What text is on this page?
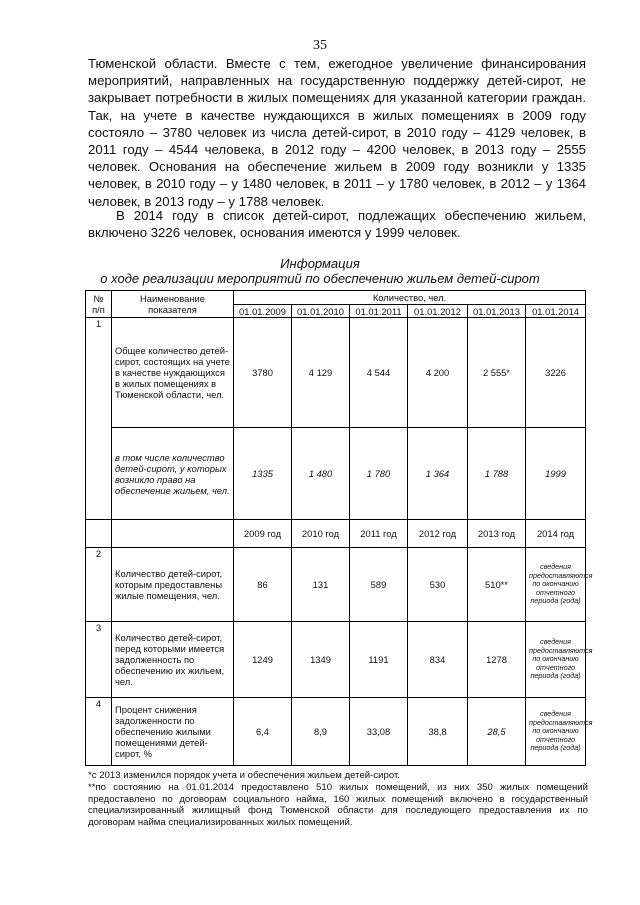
35

Тюменской области. Вместе с тем, ежегодное увеличение финансирования мероприятий, направленных на государственную поддержку детей-сирот, не закрывает потребности в жилых помещениях для указанной категории граждан. Так, на учете в качестве нуждающихся в жилых помещениях в 2009 году состояло – 3780 человек из числа детей-сирот, в 2010 году – 4129 человек, в 2011 году – 4544 человека, в 2012 году – 4200 человек, в 2013 году – 2555 человек. Основания на обеспечение жильем в 2009 году возникли у 1335 человек, в 2010 году – у 1480 человек, в 2011 – у 1780 человек, в 2012 – у 1364 человек, в 2013 году – у 1788 человек.

В 2014 году в список детей-сирот, подлежащих обеспечению жильем, включено 3226 человек, основания имеются у 1999 человек.

Информация
о ходе реализации мероприятий по обеспечению жильем детей-сирот
№ п/п	Наименование показателя	Количество, чел.					
		01.01.2009	01.01.2010	01.01.2011	01.01.2012	01.01.2013	01.01.2014
1	Общее количество детей-сирот, состоящих на учете в качестве нуждающихся в жилых помещениях в Тюменской области, чел.	3780	4 129	4 544	4 200	2 555*	3226
	в том числе количество детей-сирот, у которых возникло право на обеспечение жильем, чел.	1335	1 480	1 780	1 364	1 788	1999
		2009 год	2010 год	2011 год	2012 год	2013 год	2014 год
2	Количество детей-сирот, которым предоставлены жилые помещения, чел.	86	131	589	530	510**	сведения предоставляются по окончанию отчетного периода (года)
3	Количество детей-сирот, перед которыми имеется задолженность по обеспечению их жильем, чел.	1249	1349	1191	834	1278	сведения предоставляются по окончанию отчетного периода (года)
4	Процент снижения задолженности по обеспечению жилыми помещениями детей-сирот, %	6,4	8,9	33,08	38,8	28,5	сведения предоставляются по окончанию отчетного периода (года)

*с 2013 изменился порядок учета и обеспечения жильем детей-сирот.

**по состоянию на 01.01.2014 предоставлено 510 жилых помещений, из них 350 жилых помещений предоставлено по договорам социального найма, 160 жилых помещений включено в государственный специализированный жилищный фонд Тюменской области для последующего предоставления их по договорам найма специализированных жилых помещений.
